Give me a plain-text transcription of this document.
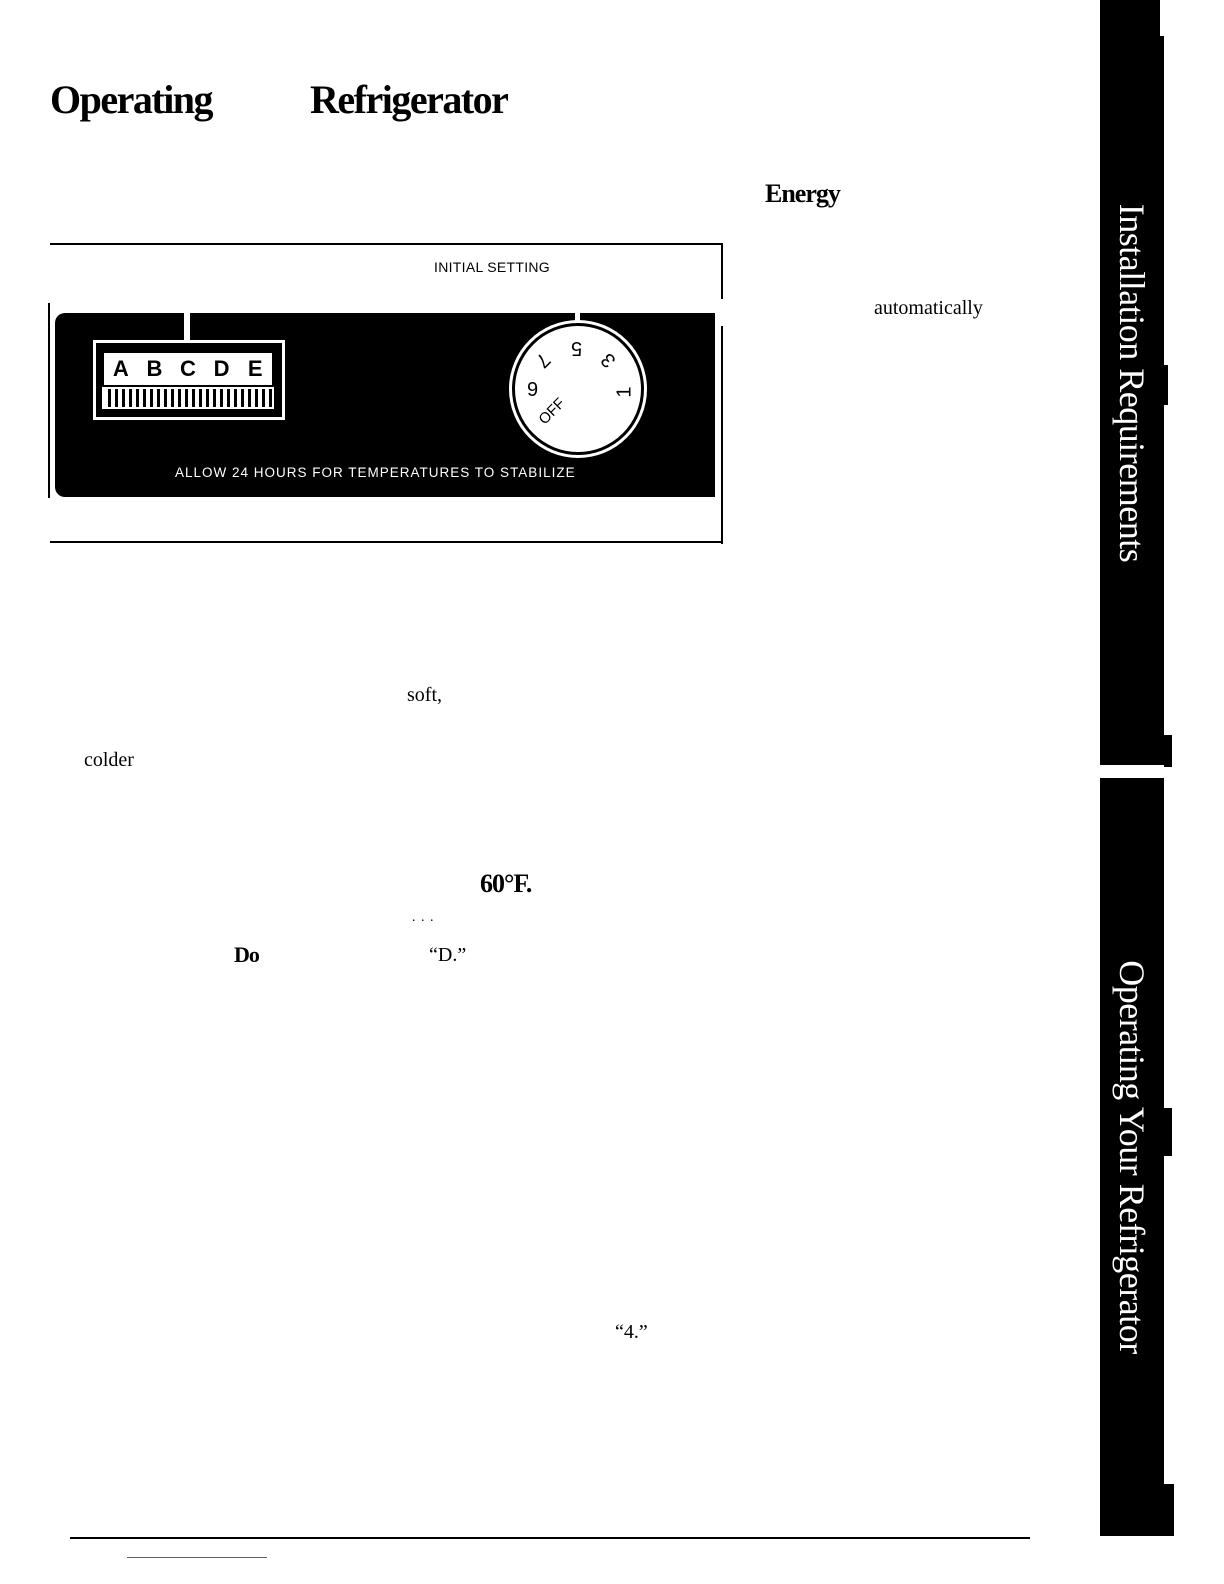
Operating Refrigerator
Energy
automatically
INITIAL SETTING
A B C D E
5
3
1
7
9
OFF
ALLOW 24 HOURS FOR TEMPERATURES TO STABILIZE
soft,
colder
60°F.
. . .
Do	“D.”
“4.”
Installation Requirements
Operating Your Refrigerator
